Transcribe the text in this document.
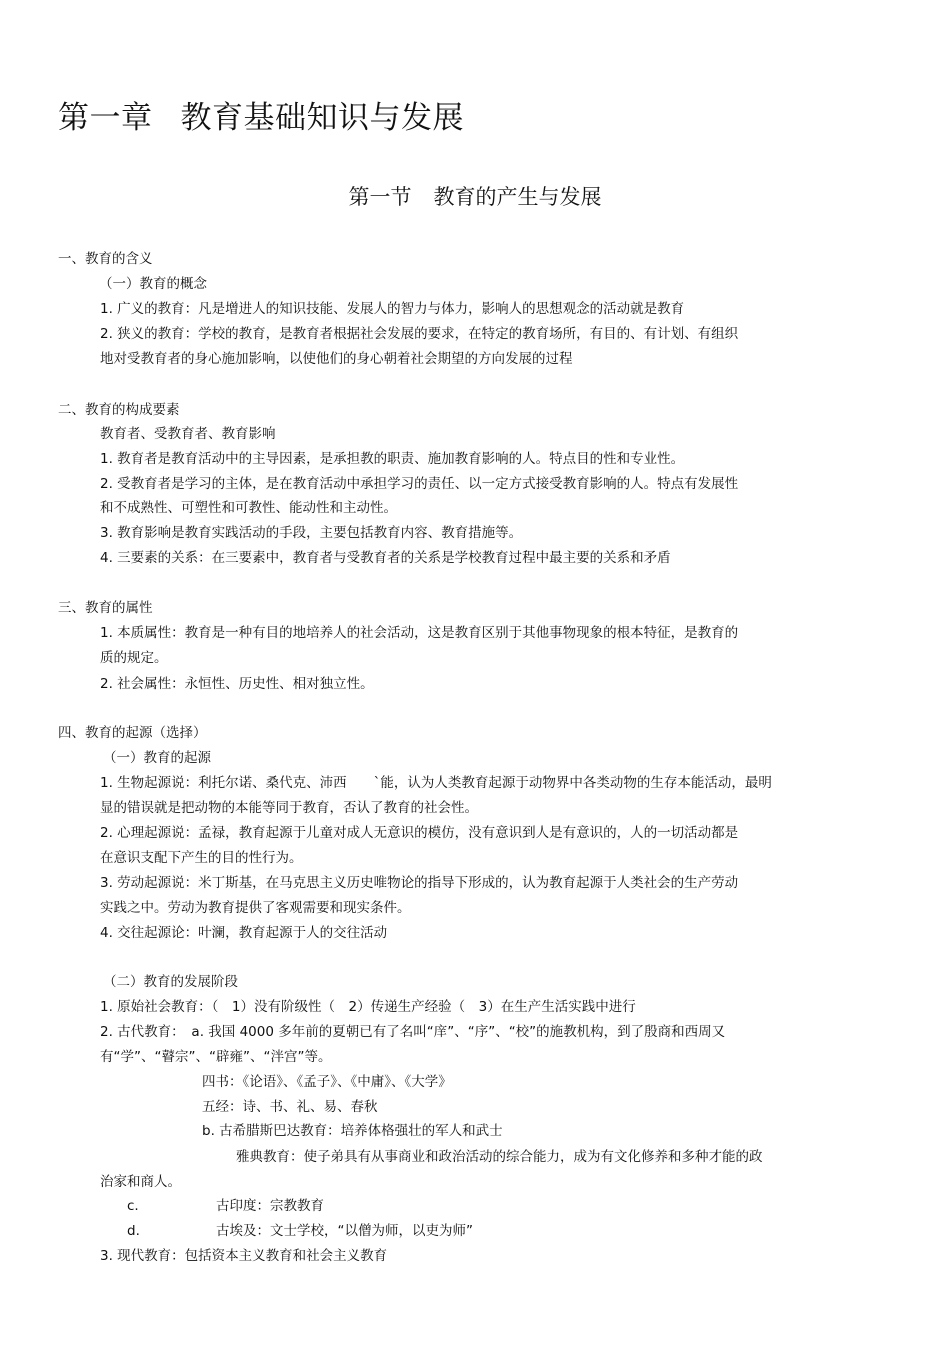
第一章 教育基础知识与发展
第一节 教育的产生与发展
一、教育的含义
（一）教育的概念
1. 广义的教育：凡是增进人的知识技能、发展人的智力与体力，影响人的思想观念的活动就是教育
2. 狭义的教育：学校的教育，是教育者根据社会发展的要求，在特定的教育场所，有目的、有计划、有组织
地对受教育者的身心施加影响，以使他们的身心朝着社会期望的方向发展的过程
二、教育的构成要素
教育者、受教育者、教育影响
1. 教育者是教育活动中的主导因素，是承担教的职责、施加教育影响的人。特点目的性和专业性。
2. 受教育者是学习的主体，是在教育活动中承担学习的责任、以一定方式接受教育影响的人。特点有发展性
和不成熟性、可塑性和可教性、能动性和主动性。
3. 教育影响是教育实践活动的手段，主要包括教育内容、教育措施等。
4. 三要素的关系：在三要素中，教育者与受教育者的关系是学校教育过程中最主要的关系和矛盾
三、教育的属性
1. 本质属性：教育是一种有目的地培养人的社会活动，这是教育区别于其他事物现象的根本特征，是教育的
质的规定。
2. 社会属性：永恒性、历史性、相对独立性。
四、教育的起源（选择）
（一）教育的起源
1. 生物起源说：利托尔诺、桑代克、沛西　　`能，认为人类教育起源于动物界中各类动物的生存本能活动，最明
显的错误就是把动物的本能等同于教育，否认了教育的社会性。
2. 心理起源说：孟禄，教育起源于儿童对成人无意识的模仿，没有意识到人是有意识的，人的一切活动都是
在意识支配下产生的目的性行为。
3. 劳动起源说：米丁斯基，在马克思主义历史唯物论的指导下形成的，认为教育起源于人类社会的生产劳动
实践之中。劳动为教育提供了客观需要和现实条件。
4. 交往起源论：叶澜，教育起源于人的交往活动
（二）教育的发展阶段
1. 原始社会教育：（　1）没有阶级性（　2）传递生产经验（　3）在生产生活实践中进行
2. 古代教育：　a. 我国 4000 多年前的夏朝已有了名叫“庠”、“序”、“校”的施教机构，到了殷商和西周又
有“学”、“瞽宗”、“辟雍”、“泮宫”等。
四书：《论语》、《孟子》、《中庸》、《大学》
五经：诗、书、礼、易、春秋
b. 古希腊斯巴达教育：培养体格强壮的军人和武士
雅典教育：使子弟具有从事商业和政治活动的综合能力，成为有文化修养和多种才能的政
治家和商人。
c.	古印度：宗教教育
d.	古埃及：文士学校，“以僧为师，以吏为师”
3. 现代教育：包括资本主义教育和社会主义教育
